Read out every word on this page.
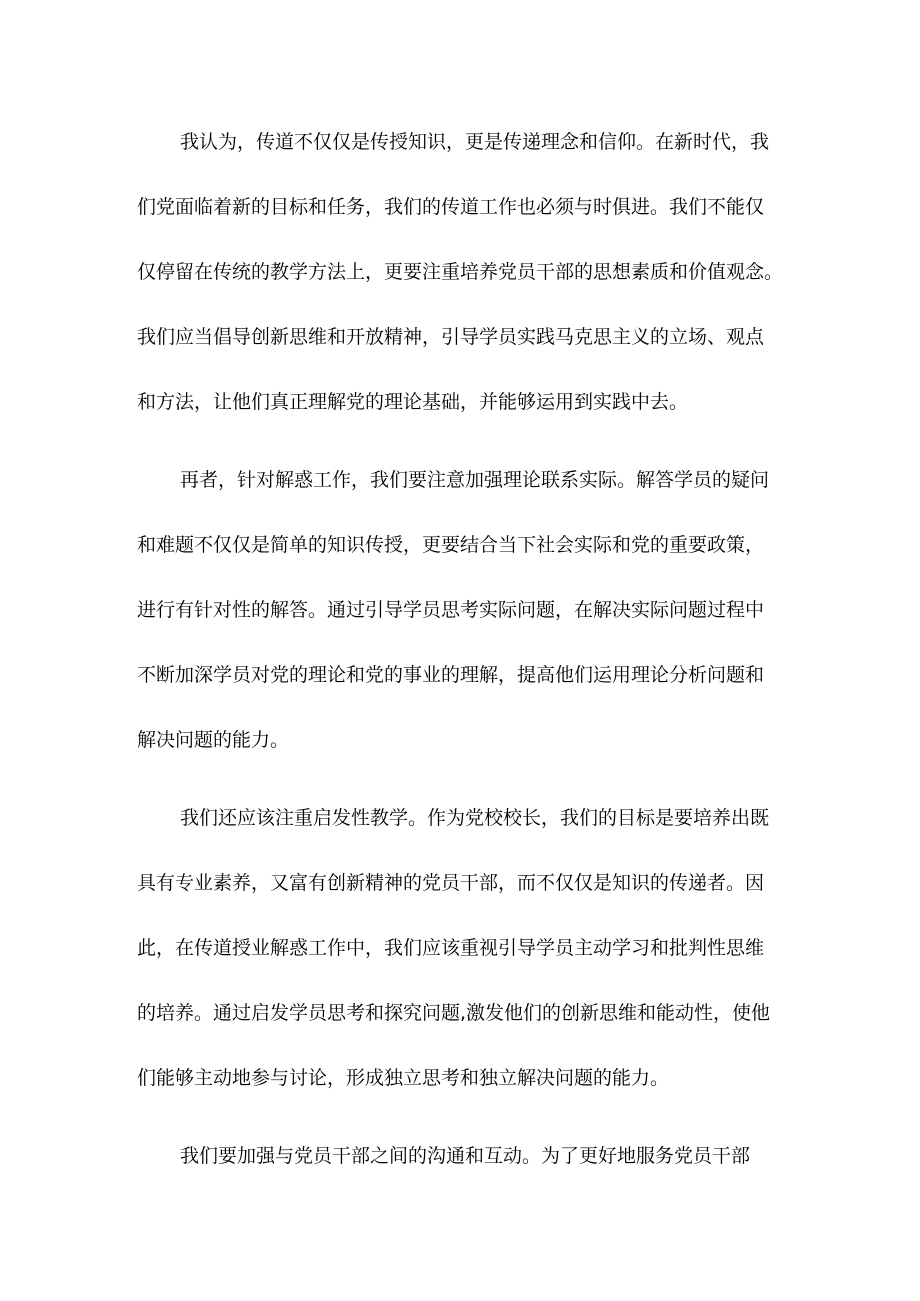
我认为，传道不仅仅是传授知识，更是传递理念和信仰。在新时代，我
们党面临着新的目标和任务，我们的传道工作也必须与时俱进。我们不能仅
仅停留在传统的教学方法上，更要注重培养党员干部的思想素质和价值观念。
我们应当倡导创新思维和开放精神，引导学员实践马克思主义的立场、观点
和方法，让他们真正理解党的理论基础，并能够运用到实践中去。
再者，针对解惑工作，我们要注意加强理论联系实际。解答学员的疑问
和难题不仅仅是简单的知识传授，更要结合当下社会实际和党的重要政策，
进行有针对性的解答。通过引导学员思考实际问题，在解决实际问题过程中
不断加深学员对党的理论和党的事业的理解，提高他们运用理论分析问题和
解决问题的能力。
我们还应该注重启发性教学。作为党校校长，我们的目标是要培养出既
具有专业素养，又富有创新精神的党员干部，而不仅仅是知识的传递者。因
此，在传道授业解惑工作中，我们应该重视引导学员主动学习和批判性思维
的培养。通过启发学员思考和探究问题,激发他们的创新思维和能动性，使他
们能够主动地参与讨论，形成独立思考和独立解决问题的能力。
我们要加强与党员干部之间的沟通和互动。为了更好地服务党员干部
